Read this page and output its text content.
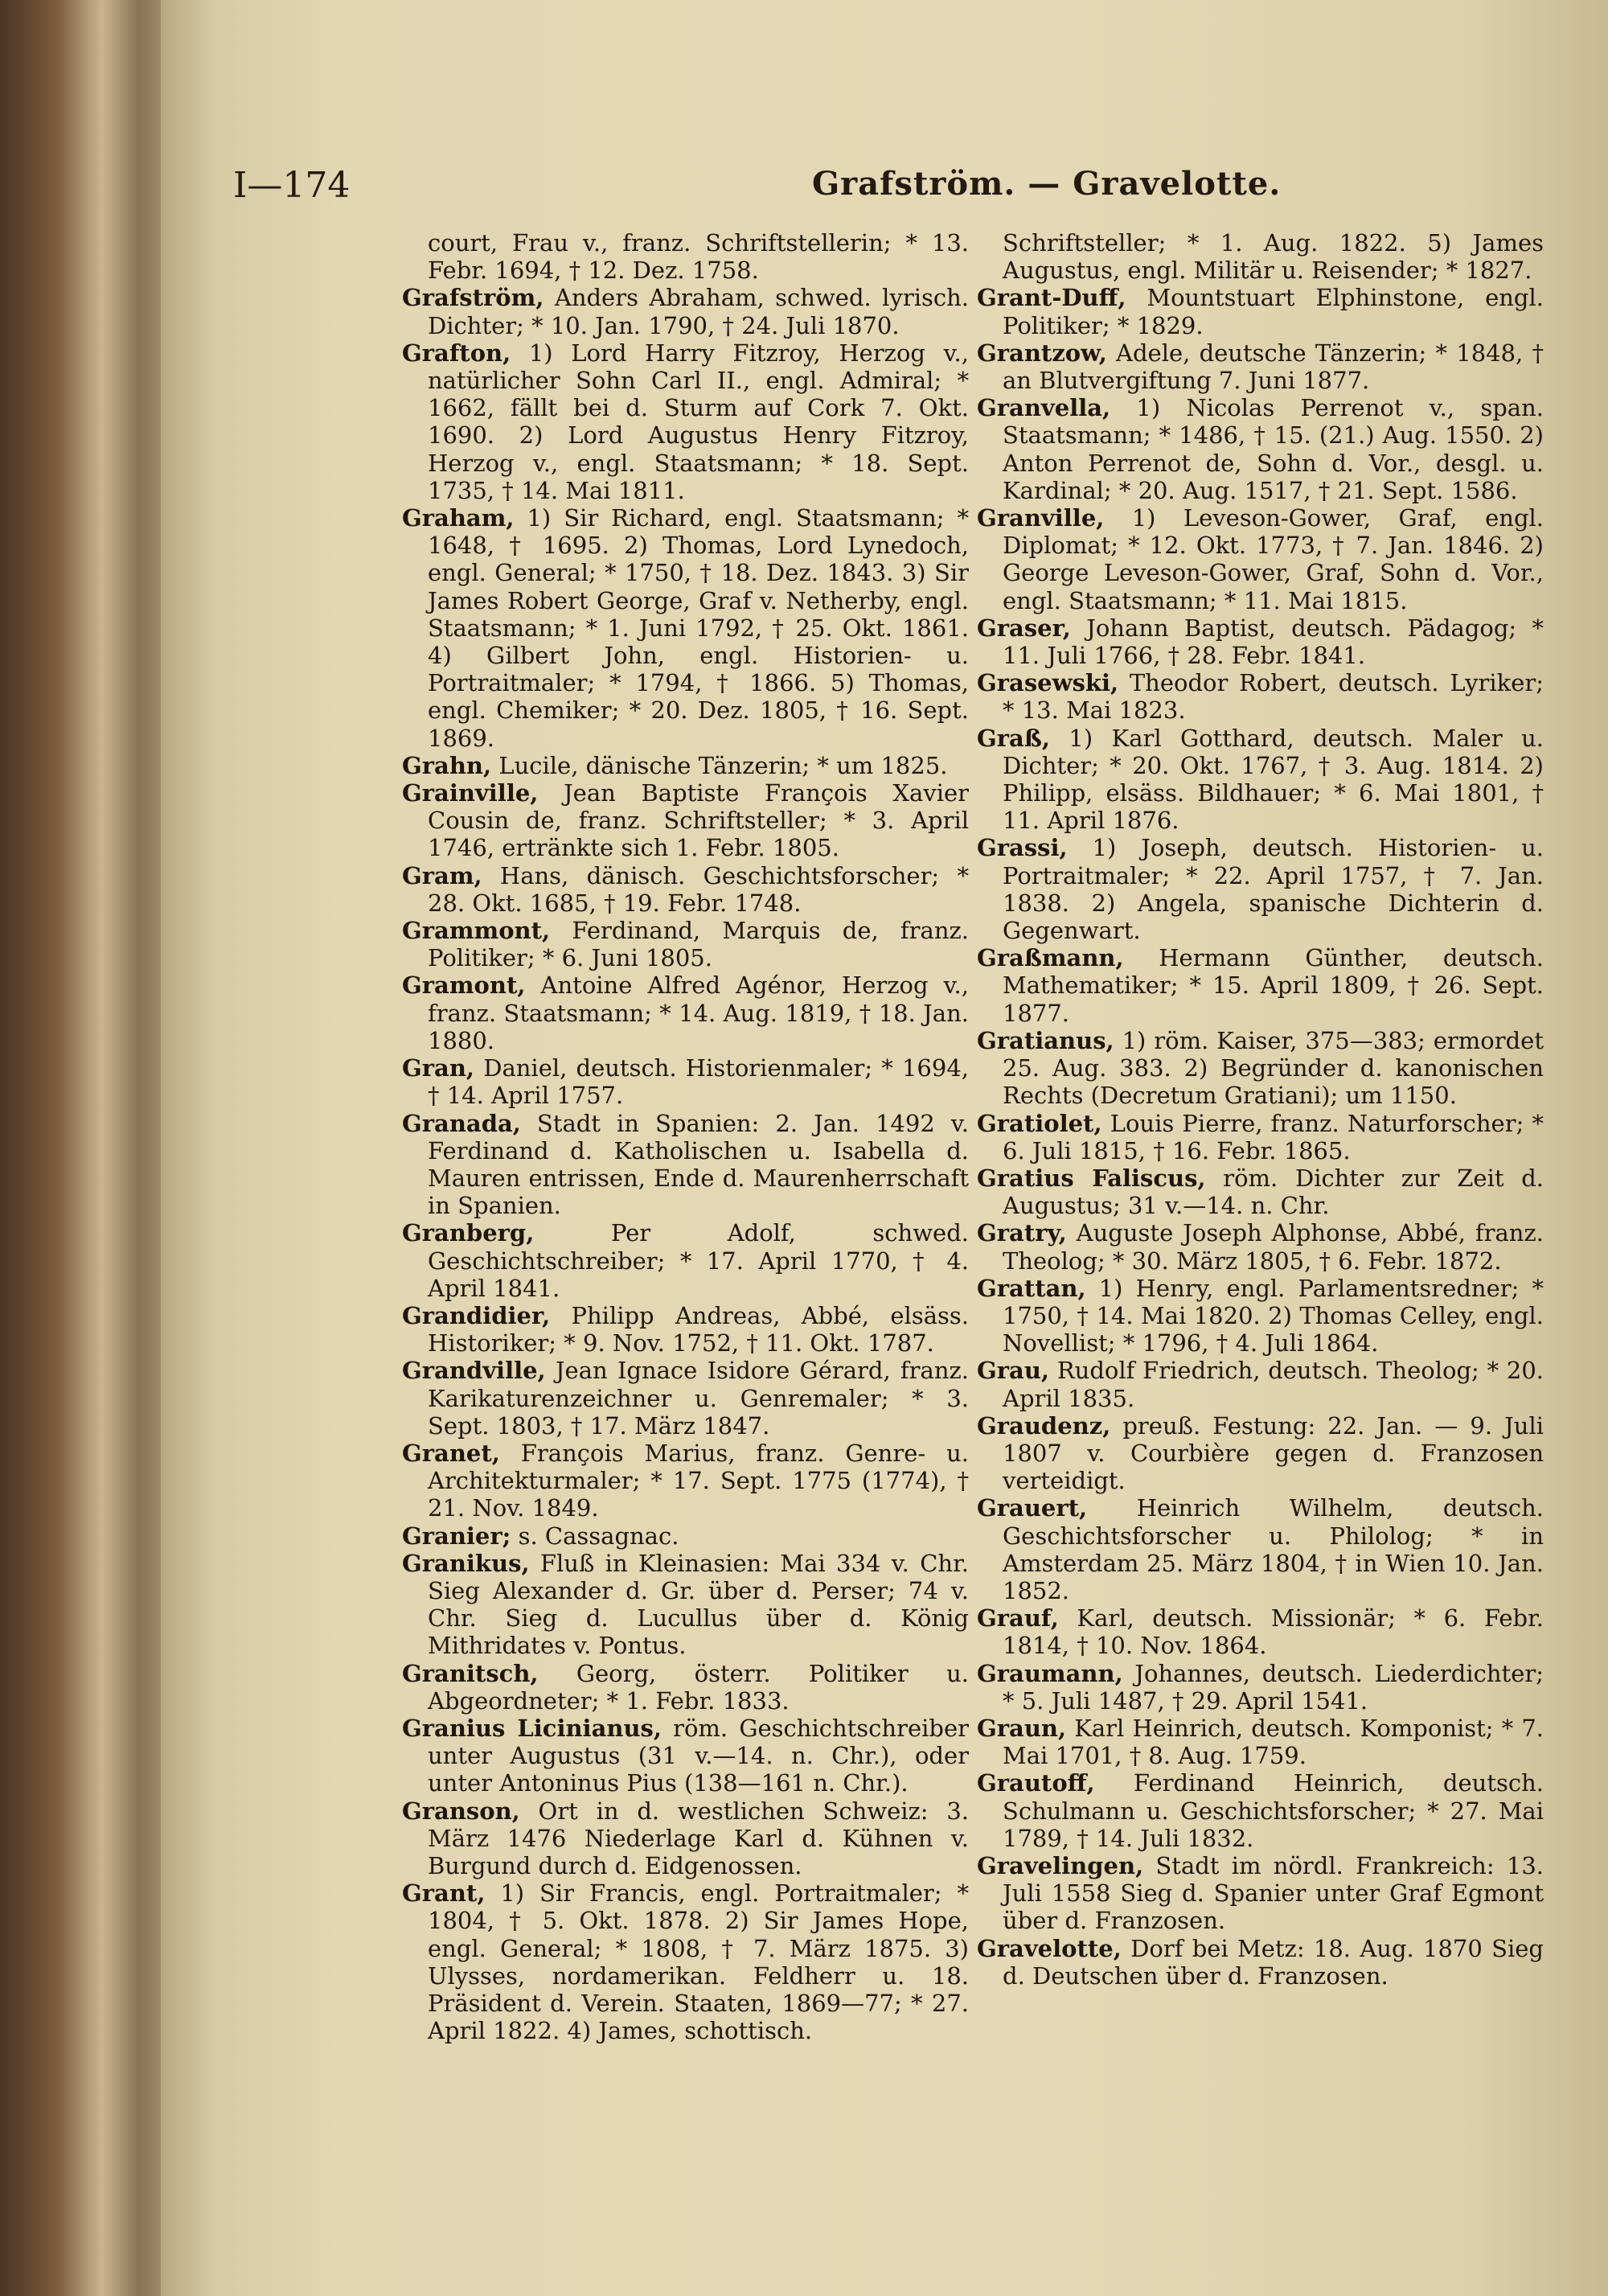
I—174	Grafström. — Gravelotte.

court, Frau v., franz. Schriftstellerin; * 13. Febr. 1694, † 12. Dez. 1758.

Grafström, Anders Abraham, schwed. lyrisch. Dichter; * 10. Jan. 1790, † 24. Juli 1870.

Grafton, 1) Lord Harry Fitzroy, Herzog v., natürlicher Sohn Carl II., engl. Admiral; * 1662, fällt bei d. Sturm auf Cork 7. Okt. 1690. 2) Lord Augustus Henry Fitzroy, Herzog v., engl. Staatsmann; * 18. Sept. 1735, † 14. Mai 1811.

Graham, 1) Sir Richard, engl. Staatsmann; * 1648, † 1695. 2) Thomas, Lord Lynedoch, engl. General; * 1750, † 18. Dez. 1843. 3) Sir James Robert George, Graf v. Netherby, engl. Staatsmann; * 1. Juni 1792, † 25. Okt. 1861. 4) Gilbert John, engl. Historien- u. Portraitmaler; * 1794, † 1866. 5) Thomas, engl. Chemiker; * 20. Dez. 1805, † 16. Sept. 1869.

Grahn, Lucile, dänische Tänzerin; * um 1825.

Grainville, Jean Baptiste François Xavier Cousin de, franz. Schriftsteller; * 3. April 1746, ertränkte sich 1. Febr. 1805.

Gram, Hans, dänisch. Geschichtsforscher; * 28. Okt. 1685, † 19. Febr. 1748.

Grammont, Ferdinand, Marquis de, franz. Politiker; * 6. Juni 1805.

Gramont, Antoine Alfred Agénor, Herzog v., franz. Staatsmann; * 14. Aug. 1819, † 18. Jan. 1880.

Gran, Daniel, deutsch. Historienmaler; * 1694, † 14. April 1757.

Granada, Stadt in Spanien: 2. Jan. 1492 v. Ferdinand d. Katholischen u. Isabella d. Mauren entrissen, Ende d. Maurenherrschaft in Spanien.

Granberg, Per Adolf, schwed. Geschichtschreiber; * 17. April 1770, † 4. April 1841.

Grandidier, Philipp Andreas, Abbé, elsäss. Historiker; * 9. Nov. 1752, † 11. Okt. 1787.

Grandville, Jean Ignace Isidore Gérard, franz. Karikaturenzeichner u. Genremaler; * 3. Sept. 1803, † 17. März 1847.

Granet, François Marius, franz. Genre- u. Architekturmaler; * 17. Sept. 1775 (1774), † 21. Nov. 1849.

Granier; s. Cassagnac.

Granikus, Fluß in Kleinasien: Mai 334 v. Chr. Sieg Alexander d. Gr. über d. Perser; 74 v. Chr. Sieg d. Lucullus über d. König Mithridates v. Pontus.

Granitsch, Georg, österr. Politiker u. Abgeordneter; * 1. Febr. 1833.

Granius Licinianus, röm. Geschichtschreiber unter Augustus (31 v.—14. n. Chr.), oder unter Antoninus Pius (138—161 n. Chr.).

Granson, Ort in d. westlichen Schweiz: 3. März 1476 Niederlage Karl d. Kühnen v. Burgund durch d. Eidgenossen.

Grant, 1) Sir Francis, engl. Portraitmaler; * 1804, † 5. Okt. 1878. 2) Sir James Hope, engl. General; * 1808, † 7. März 1875. 3) Ulysses, nordamerikan. Feldherr u. 18. Präsident d. Verein. Staaten, 1869—77; * 27. April 1822. 4) James, schottisch.

Schriftsteller; * 1. Aug. 1822. 5) James Augustus, engl. Militär u. Reisender; * 1827.

Grant-Duff, Mountstuart Elphinstone, engl. Politiker; * 1829.

Grantzow, Adele, deutsche Tänzerin; * 1848, † an Blutvergiftung 7. Juni 1877.

Granvella, 1) Nicolas Perrenot v., span. Staatsmann; * 1486, † 15. (21.) Aug. 1550. 2) Anton Perrenot de, Sohn d. Vor., desgl. u. Kardinal; * 20. Aug. 1517, † 21. Sept. 1586.

Granville, 1) Leveson-Gower, Graf, engl. Diplomat; * 12. Okt. 1773, † 7. Jan. 1846. 2) George Leveson-Gower, Graf, Sohn d. Vor., engl. Staatsmann; * 11. Mai 1815.

Graser, Johann Baptist, deutsch. Pädagog; * 11. Juli 1766, † 28. Febr. 1841.

Grasewski, Theodor Robert, deutsch. Lyriker; * 13. Mai 1823.

Graß, 1) Karl Gotthard, deutsch. Maler u. Dichter; * 20. Okt. 1767, † 3. Aug. 1814. 2) Philipp, elsäss. Bildhauer; * 6. Mai 1801, † 11. April 1876.

Grassi, 1) Joseph, deutsch. Historien- u. Portraitmaler; * 22. April 1757, † 7. Jan. 1838. 2) Angela, spanische Dichterin d. Gegenwart.

Graßmann, Hermann Günther, deutsch. Mathematiker; * 15. April 1809, † 26. Sept. 1877.

Gratianus, 1) röm. Kaiser, 375—383; ermordet 25. Aug. 383. 2) Begründer d. kanonischen Rechts (Decretum Gratiani); um 1150.

Gratiolet, Louis Pierre, franz. Naturforscher; * 6. Juli 1815, † 16. Febr. 1865.

Gratius Faliscus, röm. Dichter zur Zeit d. Augustus; 31 v.—14. n. Chr.

Gratry, Auguste Joseph Alphonse, Abbé, franz. Theolog; * 30. März 1805, † 6. Febr. 1872.

Grattan, 1) Henry, engl. Parlamentsredner; * 1750, † 14. Mai 1820. 2) Thomas Celley, engl. Novellist; * 1796, † 4. Juli 1864.

Grau, Rudolf Friedrich, deutsch. Theolog; * 20. April 1835.

Graudenz, preuß. Festung: 22. Jan. — 9. Juli 1807 v. Courbière gegen d. Franzosen verteidigt.

Grauert, Heinrich Wilhelm, deutsch. Geschichtsforscher u. Philolog; * in Amsterdam 25. März 1804, † in Wien 10. Jan. 1852.

Grauf, Karl, deutsch. Missionär; * 6. Febr. 1814, † 10. Nov. 1864.

Graumann, Johannes, deutsch. Liederdichter; * 5. Juli 1487, † 29. April 1541.

Graun, Karl Heinrich, deutsch. Komponist; * 7. Mai 1701, † 8. Aug. 1759.

Grautoff, Ferdinand Heinrich, deutsch. Schulmann u. Geschichtsforscher; * 27. Mai 1789, † 14. Juli 1832.

Gravelingen, Stadt im nördl. Frankreich: 13. Juli 1558 Sieg d. Spanier unter Graf Egmont über d. Franzosen.

Gravelotte, Dorf bei Metz: 18. Aug. 1870 Sieg d. Deutschen über d. Franzosen.
